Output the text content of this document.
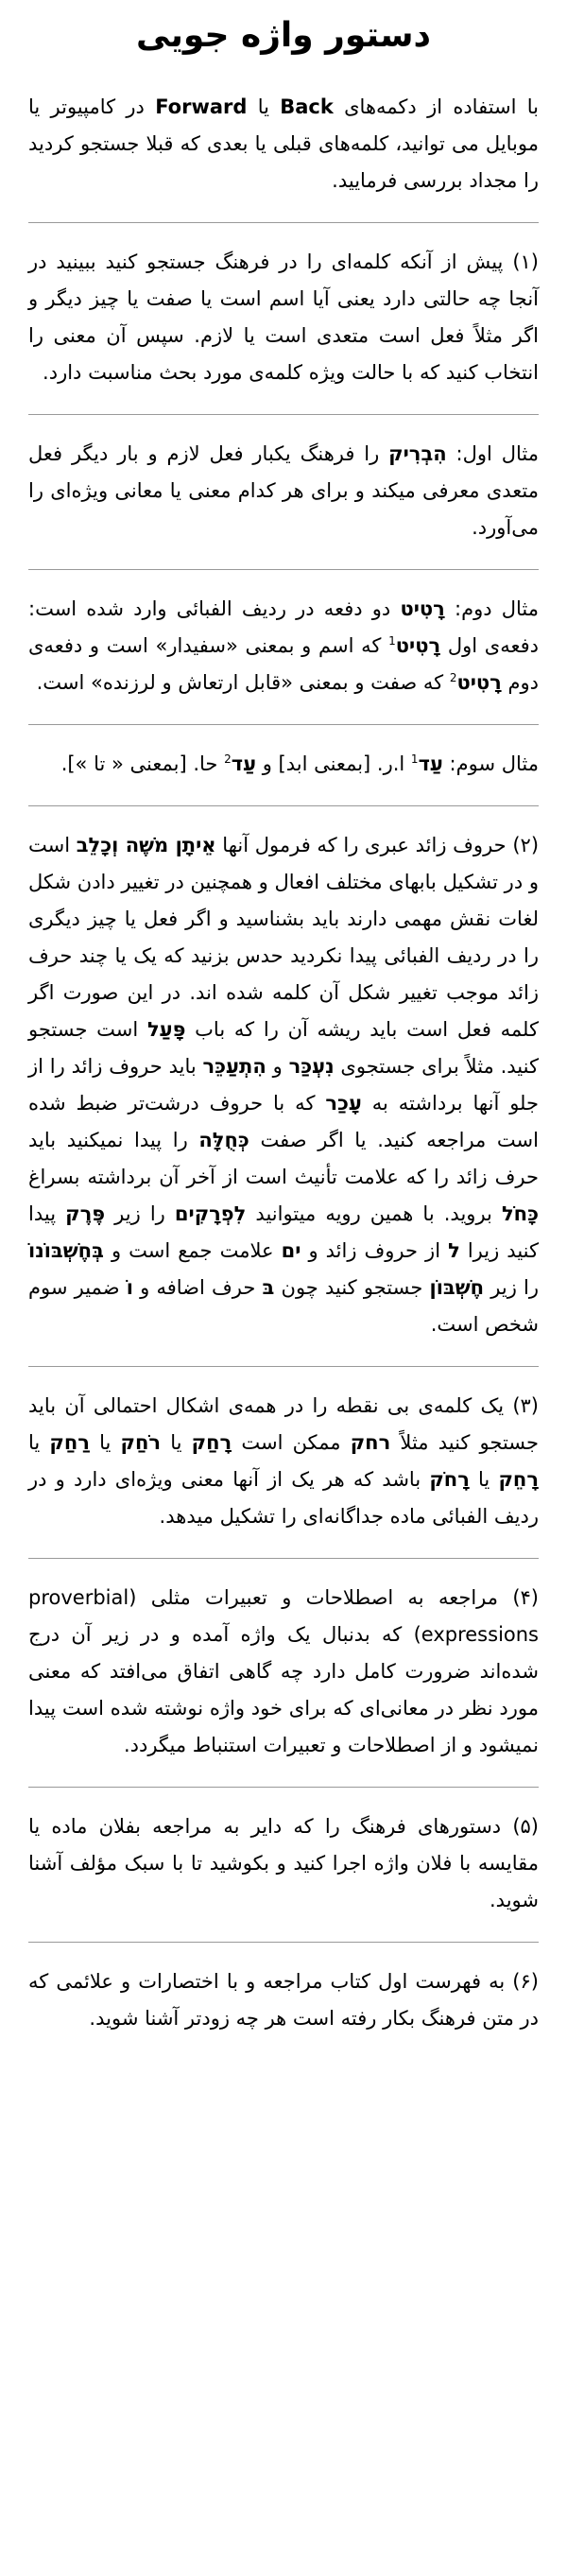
دستور واژه جویی

با استفاده از دکمه‌های Back یا Forward در کامپیوتر یا موبایل می توانید، کلمه‌های قبلی یا بعدی که قبلا جستجو کردید را مجداد بررسی فرمایید.

(۱) پیش از آنکه کلمه‌ای را در فرهنگ جستجو کنید ببینید در آنجا چه حالتی دارد یعنی آیا اسم است یا صفت یا چیز دیگر و اگر مثلاً فعل است متعدی است یا لازم. سپس آن معنی را انتخاب کنید که با حالت ویژه کلمه‌ی مورد بحث مناسبت دارد.

مثال اول: הִבְרִיק را فرهنگ یکبار فعل لازم و بار دیگر فعل متعدی معرفی میکند و برای هر کدام معنی یا معانی ویژه‌ای را می‌آورد.

مثال دوم: רָטִיט دو دفعه در ردیف الفبائی وارد شده است: دفعه‌ی اول רָטִיט$^1$ که اسم و بمعنی «سفیدار» است و دفعه‌ی دوم רָטִיט$^2$ که صفت و بمعنی «قابل ارتعاش و لرزنده» است.

مثال سوم: עַד$^1$ ا.ر. [بمعنی ابد] و עַד$^2$ حا. [بمعنی « تا »].

(۲) حروف زائد عبری را که فرمول آنها אֵיתָן מֹשֶׁה וְכָלֵב است و در تشکیل بابهای مختلف افعال و همچنین در تغییر دادن شکل لغات نقش مهمی دارند باید بشناسید و اگر فعل یا چیز دیگری را در ردیف الفبائی پیدا نکردید حدس بزنید که یک یا چند حرف زائد موجب تغییر شکل آن کلمه شده اند. در این صورت اگر کلمه فعل است باید ریشه آن را که باب פָּעַל است جستجو کنید. مثلاً برای جستجوی נִעְכַּר و הִתְעַכֵּר باید حروف زائد را از جلو آنها برداشته به עָכַר که با حروف درشت‌تر ضبط شده است مراجعه کنید. یا اگر صفت כְּחֻלָּה را پیدا نمیکنید باید حرف زائد را که علامت تأنیث است از آخر آن برداشته بسراغ כָּחֹל بروید. با همین رویه میتوانید לִפְרָקִים را زیر פֶּרֶק پیدا کنید زیرا ל از حروف زائد و ים علامت جمع است و בְּחֶשְׁבּוֹנוֹ را زیر חֶשְׁבּוֹן جستجو کنید چون בּ حرف اضافه و וֹ ضمیر سوم شخص است.

(۳) یک کلمه‌ی بی نقطه را در همه‌ی اشکال احتمالی آن باید جستجو کنید مثلاً רחק ممکن است רָחַק یا רֹחַק یا רַחַק یا רָחֵק یا רָחֹק باشد که هر یک از آنها معنی ویژه‌ای دارد و در ردیف الفبائی ماده جداگانه‌ای را تشکیل میدهد.

(۴) مراجعه به اصطلاحات و تعبیرات مثلی (proverbial expressions) که بدنبال یک واژه آمده و در زیر آن درج شده‌اند ضرورت کامل دارد چه گاهی اتفاق می‌افتد که معنی مورد نظر در معانی‌ای که برای خود واژه نوشته شده است پیدا نمیشود و از اصطلاحات و تعبیرات استنباط میگردد.

(۵) دستورهای فرهنگ را که دایر به مراجعه بفلان ماده یا مقایسه با فلان واژه اجرا کنید و بکوشید تا با سبک مؤلف آشنا شوید.

(۶) به فهرست اول کتاب مراجعه و با اختصارات و علائمی که در متن فرهنگ بکار رفته است هر چه زودتر آشنا شوید.
